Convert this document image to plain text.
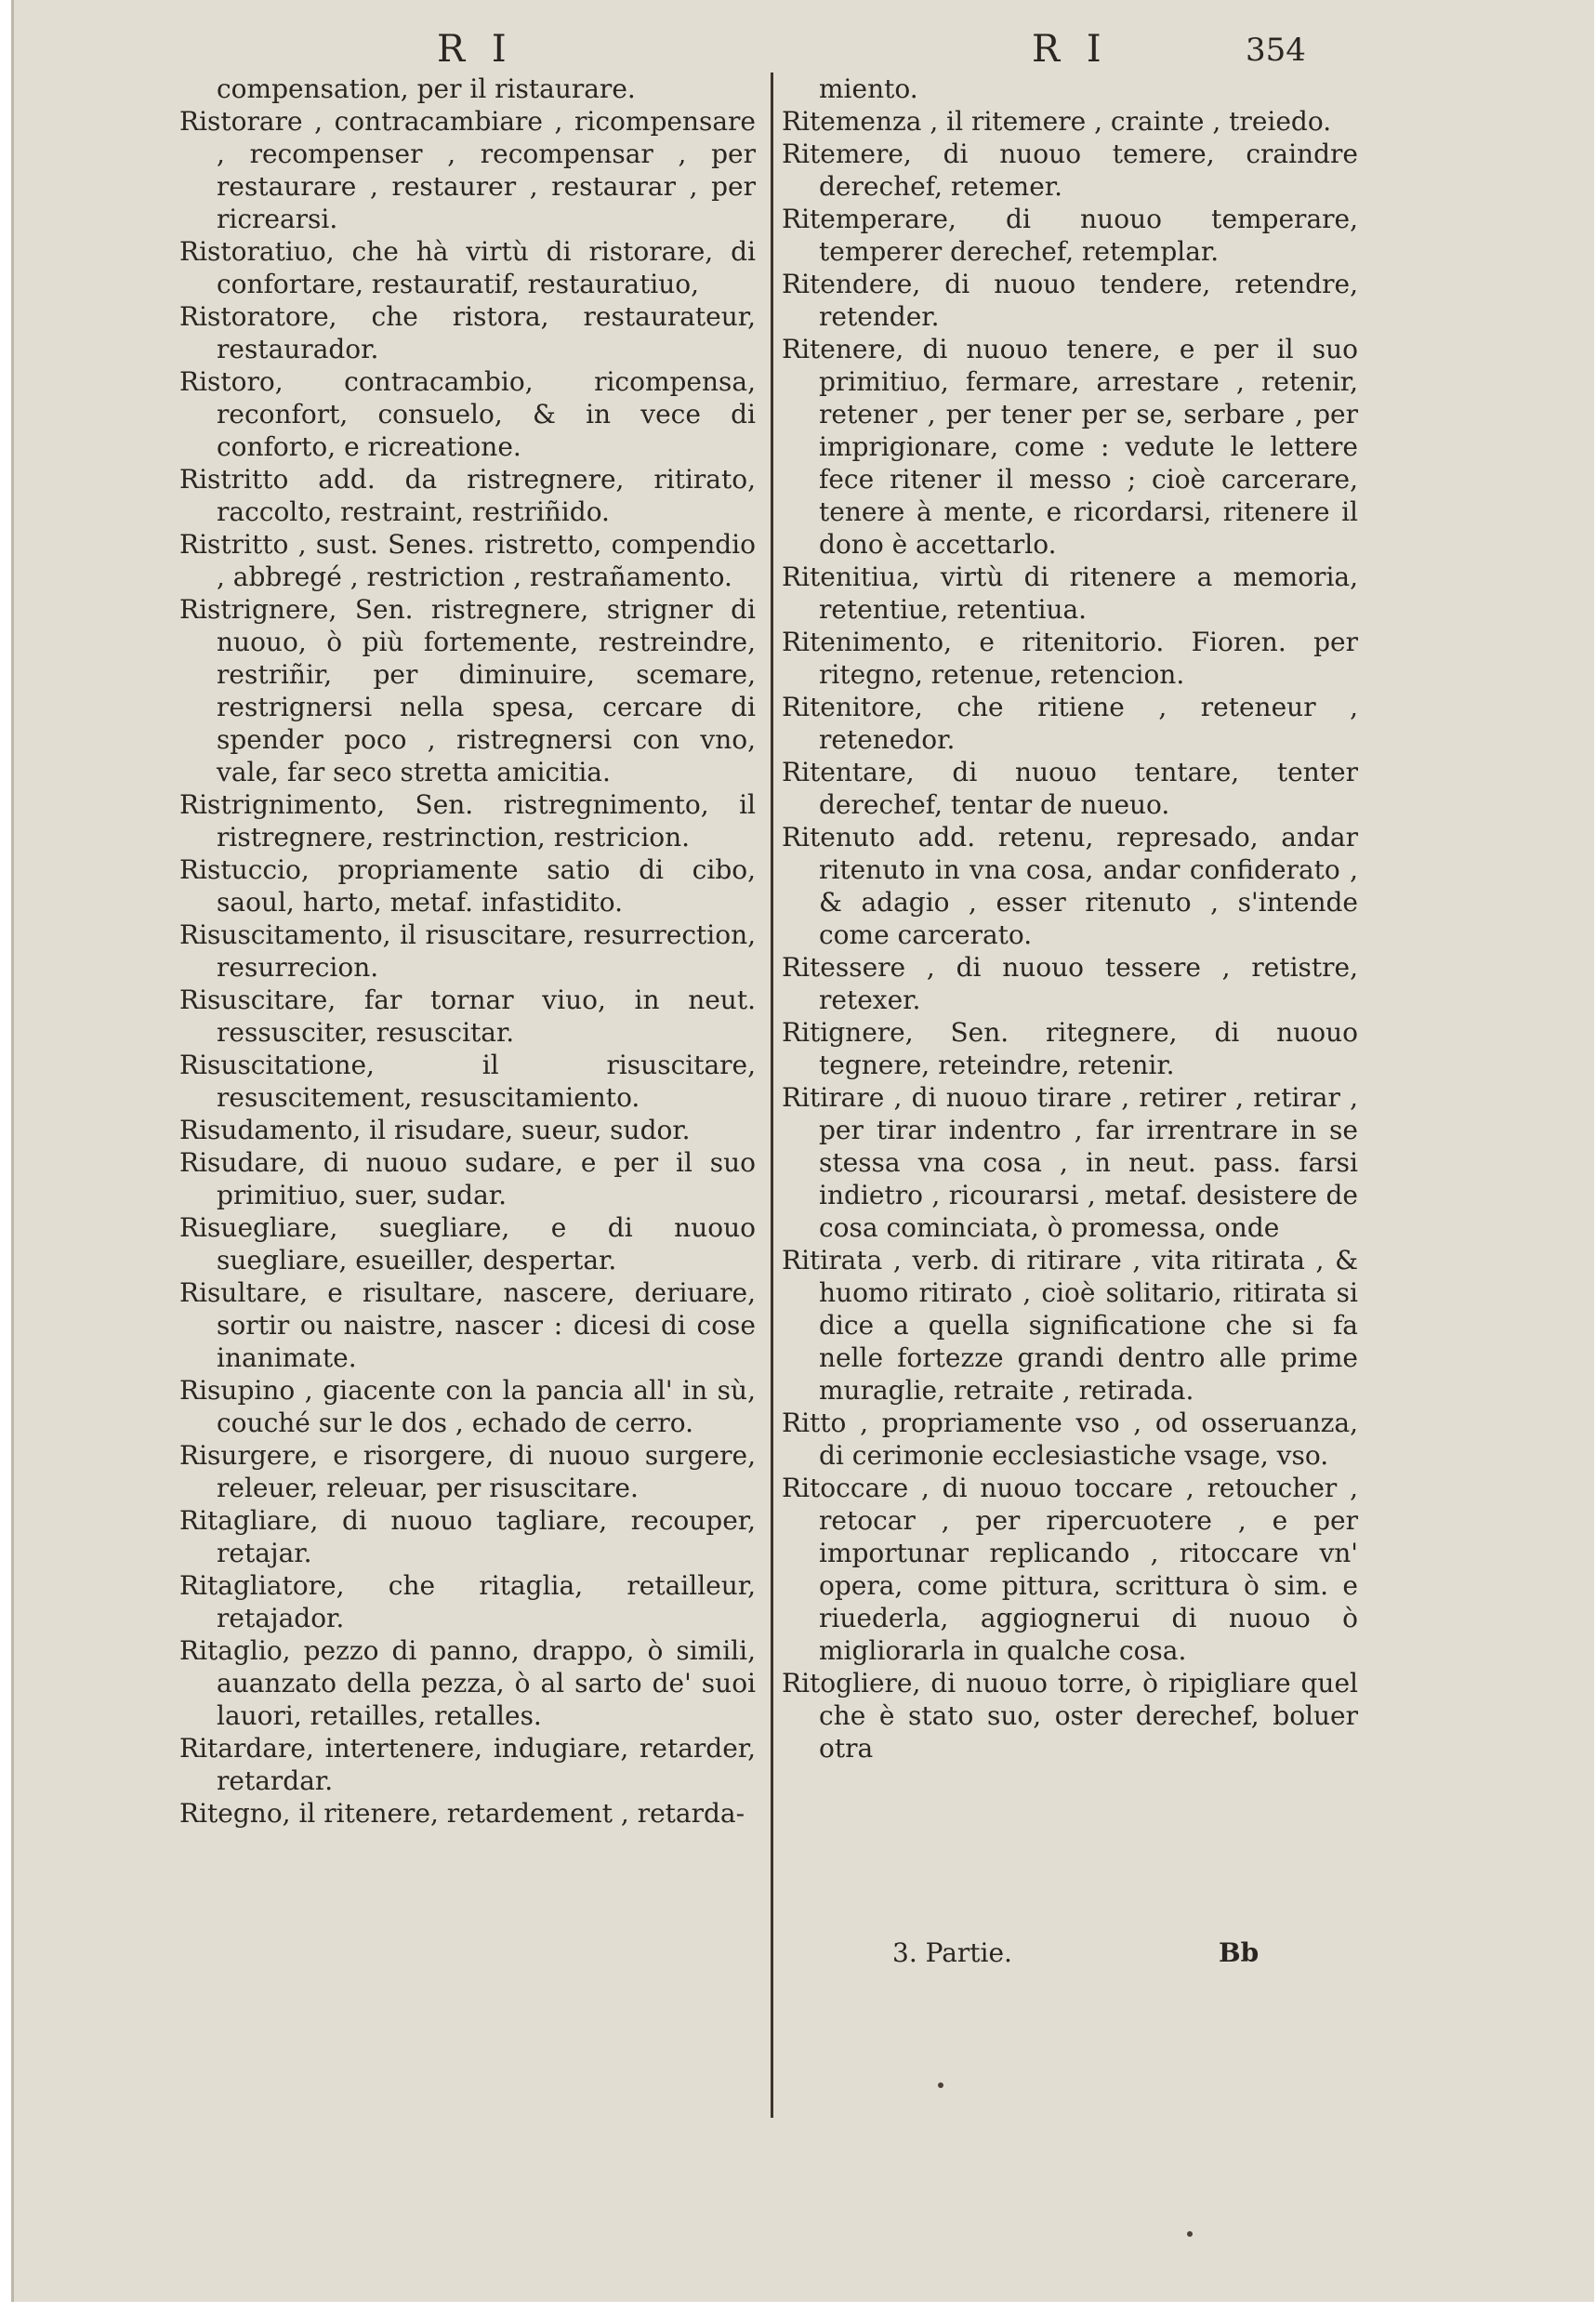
R I	R I	354

compensation, per il ristaurare.

Ristorare , contracambiare , ricompensare , recompenser , recompensar , per restaurare , restaurer , restaurar , per ricrearsi.

Ristoratiuo, che hà virtù di ristorare, di confortare, restauratif, restauratiuo,

Ristoratore, che ristora, restaurateur, restaurador.

Ristoro, contracambio, ricompensa, reconfort, consuelo, & in vece di conforto, e ricreatione.

Ristritto add. da ristregnere, ritirato, raccolto, restraint, restriñido.

Ristritto , sust. Senes. ristretto, compendio , abbregé , restriction , restrañamento.

Ristrignere, Sen. ristregnere, strigner di nuouo, ò più fortemente, restreindre, restriñir, per diminuire, scemare, restrignersi nella spesa, cercare di spender poco , ristregnersi con vno, vale, far seco stretta amicitia.

Ristrignimento, Sen. ristregnimento, il ristregnere, restrinction, restricion.

Ristuccio, propriamente satio di cibo, saoul, harto, metaf. infastidito.

Risuscitamento, il risuscitare, resurrection, resurrecion.

Risuscitare, far tornar viuo, in neut. ressusciter, resuscitar.

Risuscitatione, il risuscitare, resuscitement, resuscitamiento.

Risudamento, il risudare, sueur, sudor.

Risudare, di nuouo sudare, e per il suo primitiuo, suer, sudar.

Risuegliare, suegliare, e di nuouo suegliare, esueiller, despertar.

Risultare, e risultare, nascere, deriuare, sortir ou naistre, nascer : dicesi di cose inanimate.

Risupino , giacente con la pancia all' in sù, couché sur le dos , echado de cerro.

Risurgere, e risorgere, di nuouo surgere, releuer, releuar, per risuscitare.

Ritagliare, di nuouo tagliare, recouper, retajar.

Ritagliatore, che ritaglia, retailleur, retajador.

Ritaglio, pezzo di panno, drappo, ò simili, auanzato della pezza, ò al sarto de' suoi lauori, retailles, retalles.

Ritardare, intertenere, indugiare, retarder, retardar.

Ritegno, il ritenere, retardement , retarda-

miento.

Ritemenza , il ritemere , crainte , treiedo.

Ritemere, di nuouo temere, craindre derechef, retemer.

Ritemperare, di nuouo temperare, temperer derechef, retemplar.

Ritendere, di nuouo tendere, retendre, retender.

Ritenere, di nuouo tenere, e per il suo primitiuo, fermare, arrestare , retenir, retener , per tener per se, serbare , per imprigionare, come : vedute le lettere fece ritener il messo ; cioè carcerare, tenere à mente, e ricordarsi, ritenere il dono è accettarlo.

Ritenitiua, virtù di ritenere a memoria, retentiue, retentiua.

Ritenimento, e ritenitorio. Fioren. per ritegno, retenue, retencion.

Ritenitore, che ritiene , reteneur , retenedor.

Ritentare, di nuouo tentare, tenter derechef, tentar de nueuo.

Ritenuto add. retenu, represado, andar ritenuto in vna cosa, andar confiderato , & adagio , esser ritenuto , s'intende come carcerato.

Ritessere , di nuouo tessere , retistre, retexer.

Ritignere, Sen. ritegnere, di nuouo tegnere, reteindre, retenir.

Ritirare , di nuouo tirare , retirer , retirar , per tirar indentro , far irrentrare in se stessa vna cosa , in neut. pass. farsi indietro , ricourarsi , metaf. desistere de cosa cominciata, ò promessa, onde

Ritirata , verb. di ritirare , vita ritirata , & huomo ritirato , cioè solitario, ritirata si dice a quella significatione che si fa nelle fortezze grandi dentro alle prime muraglie, retraite , retirada.

Ritto , propriamente vso , od osseruanza, di cerimonie ecclesiastiche vsage, vso.

Ritoccare , di nuouo toccare , retoucher , retocar , per ripercuotere , e per importunar replicando , ritoccare vn' opera, come pittura, scrittura ò sim. e riuederla, aggiognerui di nuouo ò migliorarla in qualche cosa.

Ritogliere, di nuouo torre, ò ripigliare quel che è stato suo, oster derechef, boluer otra

3. Partie.	Bb
